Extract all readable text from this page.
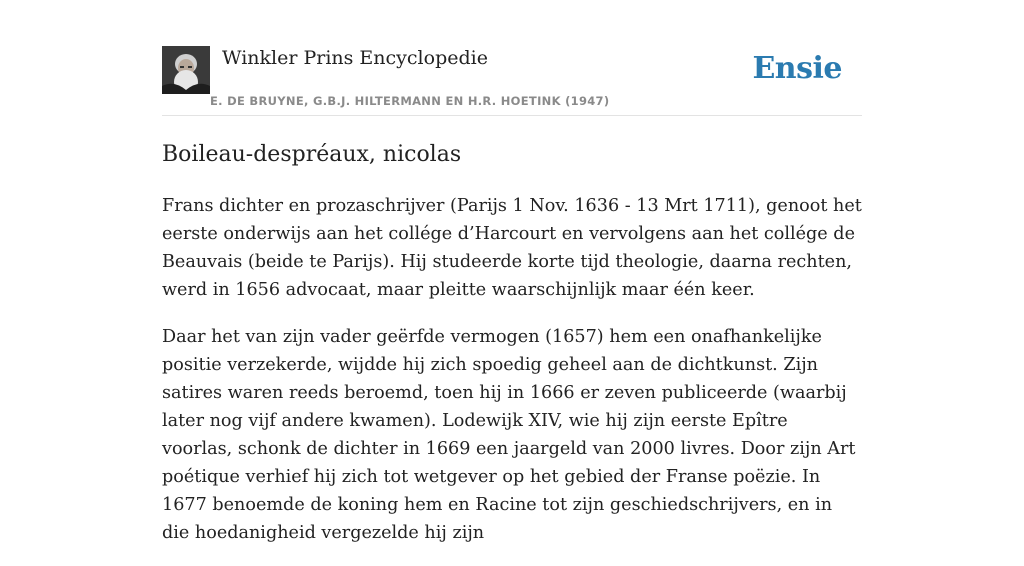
Winkler Prins Encyclopedie
E. DE BRUYNE, G.B.J. HILTERMANN EN H.R. HOETINK (1947)
Ensie
Boileau-despréaux, nicolas

Frans dichter en prozaschrijver (Parijs 1 Nov. 1636 - 13 Mrt 1711), genoot het eerste onderwijs aan het collége d’Harcourt en vervolgens aan het collége de Beauvais (beide te Parijs). Hij studeerde korte tijd theologie, daarna rechten, werd in 1656 advocaat, maar pleitte waarschijnlijk maar één keer.

Daar het van zijn vader geërfde vermogen (1657) hem een onafhankelijke positie verzekerde, wijdde hij zich spoedig geheel aan de dichtkunst. Zijn satires waren reeds beroemd, toen hij in 1666 er zeven publiceerde (waarbij later nog vijf andere kwamen). Lodewijk XIV, wie hij zijn eerste Epître voorlas, schonk de dichter in 1669 een jaargeld van 2000 livres. Door zijn Art poétique verhief hij zich tot wetgever op het gebied der Franse poëzie. In 1677 benoemde de koning hem en Racine tot zijn geschiedschrijvers, en in die hoedanigheid vergezelde hij zijn
